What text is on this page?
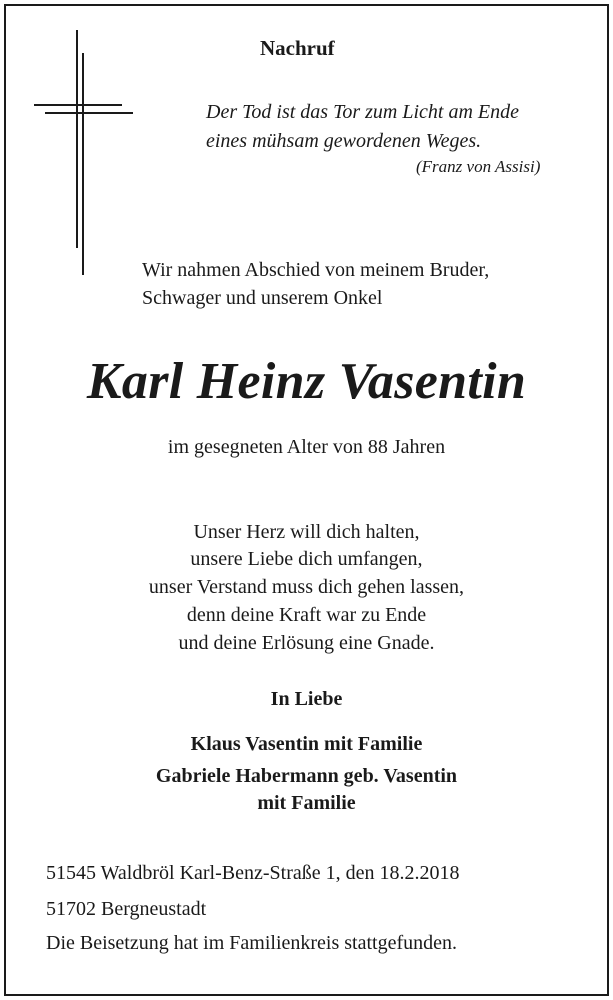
Nachruf
Der Tod ist das Tor zum Licht am Ende
eines mühsam gewordenen Weges.
(Franz von Assisi)
Wir nahmen Abschied von meinem Bruder,
Schwager und unserem Onkel
Karl Heinz Vasentin
im gesegneten Alter von 88 Jahren
Unser Herz will dich halten,
unsere Liebe dich umfangen,
unser Verstand muss dich gehen lassen,
denn deine Kraft war zu Ende
und deine Erlösung eine Gnade.
In Liebe
Klaus Vasentin mit Familie
Gabriele Habermann geb. Vasentin
mit Familie
51545 Waldbröl Karl-Benz-Straße 1, den 18.2.2018
51702 Bergneustadt
Die Beisetzung hat im Familienkreis stattgefunden.
